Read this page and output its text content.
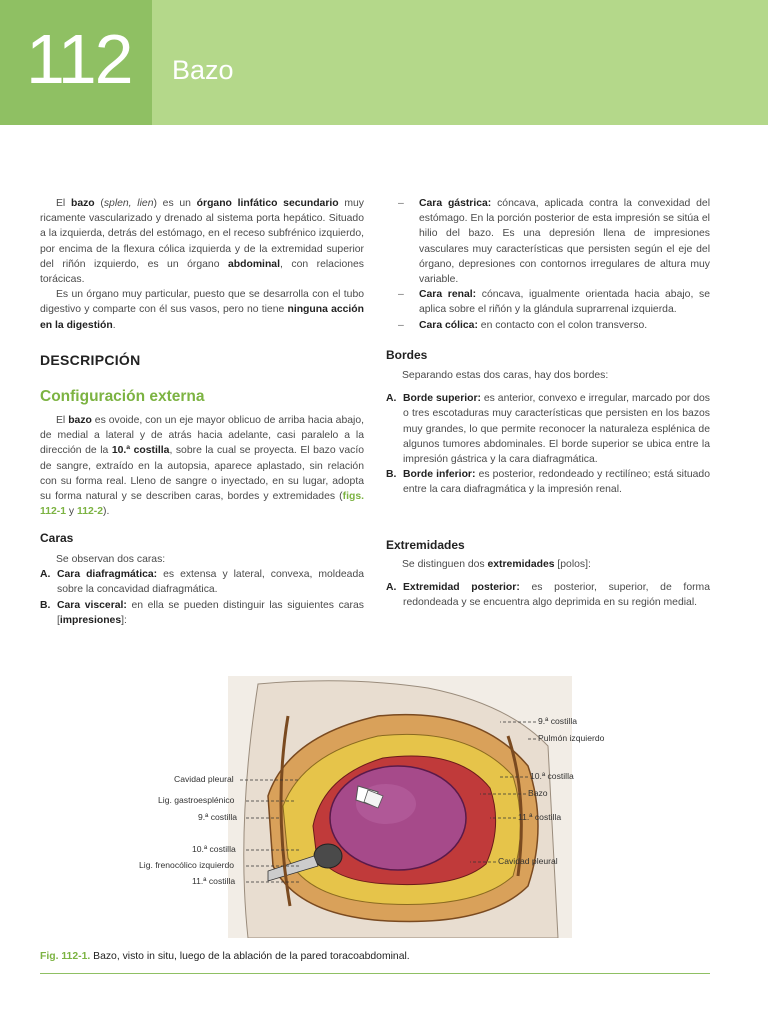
112 Bazo

El bazo (splen, lien) es un órgano linfático secundario muy ricamente vascularizado y drenado al sistema porta hepático. Situado a la izquierda, detrás del estómago, en el receso subfrénico izquierdo, por encima de la flexura cólica izquierda y de la extremidad superior del riñón izquierdo, es un órgano abdominal, con relaciones torácicas.

Es un órgano muy particular, puesto que se desarrolla con el tubo digestivo y comparte con él sus vasos, pero no tiene ninguna acción en la digestión.

DESCRIPCIÓN
Configuración externa

El bazo es ovoide, con un eje mayor oblicuo de arriba hacia abajo, de medial a lateral y de atrás hacia adelante, casi paralelo a la dirección de la 10.ª costilla, sobre la cual se proyecta. El bazo vacío de sangre, extraído en la autopsia, aparece aplastado, sin relación con su forma real. Lleno de sangre o inyectado, en su lugar, adopta su forma natural y se describen caras, bordes y extremidades (figs. 112-1 y 112-2).

Caras

Se observan dos caras:

A. Cara diafragmática: es extensa y lateral, convexa, moldeada sobre la concavidad diafragmática.

B. Cara visceral: en ella se pueden distinguir las siguientes caras [impresiones]:

– Cara gástrica: cóncava, aplicada contra la convexidad del estómago. En la porción posterior de esta impresión se sitúa el hilio del bazo. Es una depresión llena de impresiones vasculares muy características que persisten según el eje del órgano, depresiones con contornos irregulares de altura muy variable.

– Cara renal: cóncava, igualmente orientada hacia abajo, se aplica sobre el riñón y la glándula suprarrenal izquierda.

– Cara cólica: en contacto con el colon transverso.

Bordes

Separando estas dos caras, hay dos bordes:

A. Borde superior: es anterior, convexo e irregular, marcado por dos o tres escotaduras muy características que persisten en los bazos muy grandes, lo que permite reconocer la naturaleza esplénica de algunos tumores abdominales. El borde superior se ubica entre la impresión gástrica y la cara diafragmática.

B. Borde inferior: es posterior, redondeado y rectilíneo; está situado entre la cara diafragmática y la impresión renal.

Extremidades

Se distinguen dos extremidades [polos]:

A. Extremidad posterior: es posterior, superior, de forma redondeada y se encuentra algo deprimida en su región medial.

Cavidad pleural
Lig. gastroesplénico
9.ª costilla
10.ª costilla
Lig. frenocólico izquierdo
11.ª costilla
9.ª costilla
Pulmón izquierdo
10.ª costilla
Bazo
11.ª costilla
Cavidad pleural
Fig. 112-1. Bazo, visto in situ, luego de la ablación de la pared toracoabdominal.
